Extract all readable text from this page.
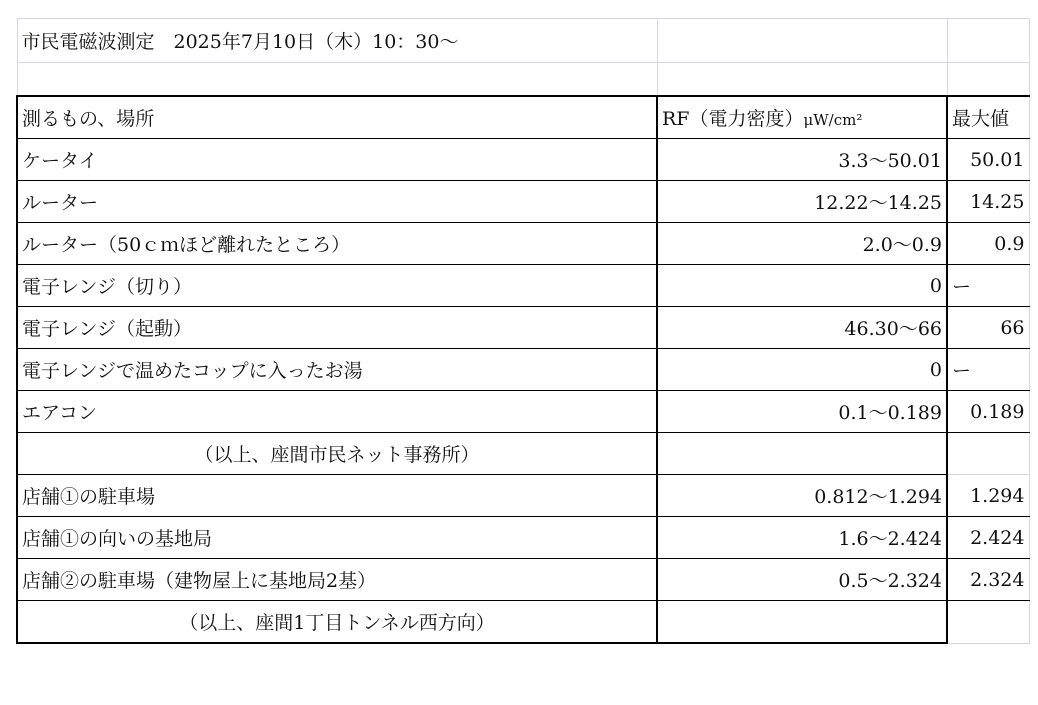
市民電磁波測定　2025年7月10日（木）10：30〜		

測るもの、場所	RF（電力密度）μW/cm²	最大値
ケータイ	3.3〜50.01	50.01
ルーター	12.22〜14.25	14.25
ルーター（50ｃｍほど離れたところ）	2.0〜0.9	0.9
電子レンジ（切り）	0	ー
電子レンジ（起動）	46.30〜66	66
電子レンジで温めたコップに入ったお湯	0	ー
エアコン	0.1〜0.189	0.189
（以上、座間市民ネット事務所）		
店舗①の駐車場	0.812〜1.294	1.294
店舗①の向いの基地局	1.6〜2.424	2.424
店舗②の駐車場（建物屋上に基地局2基）	0.5〜2.324	2.324
（以上、座間1丁目トンネル西方向）		
